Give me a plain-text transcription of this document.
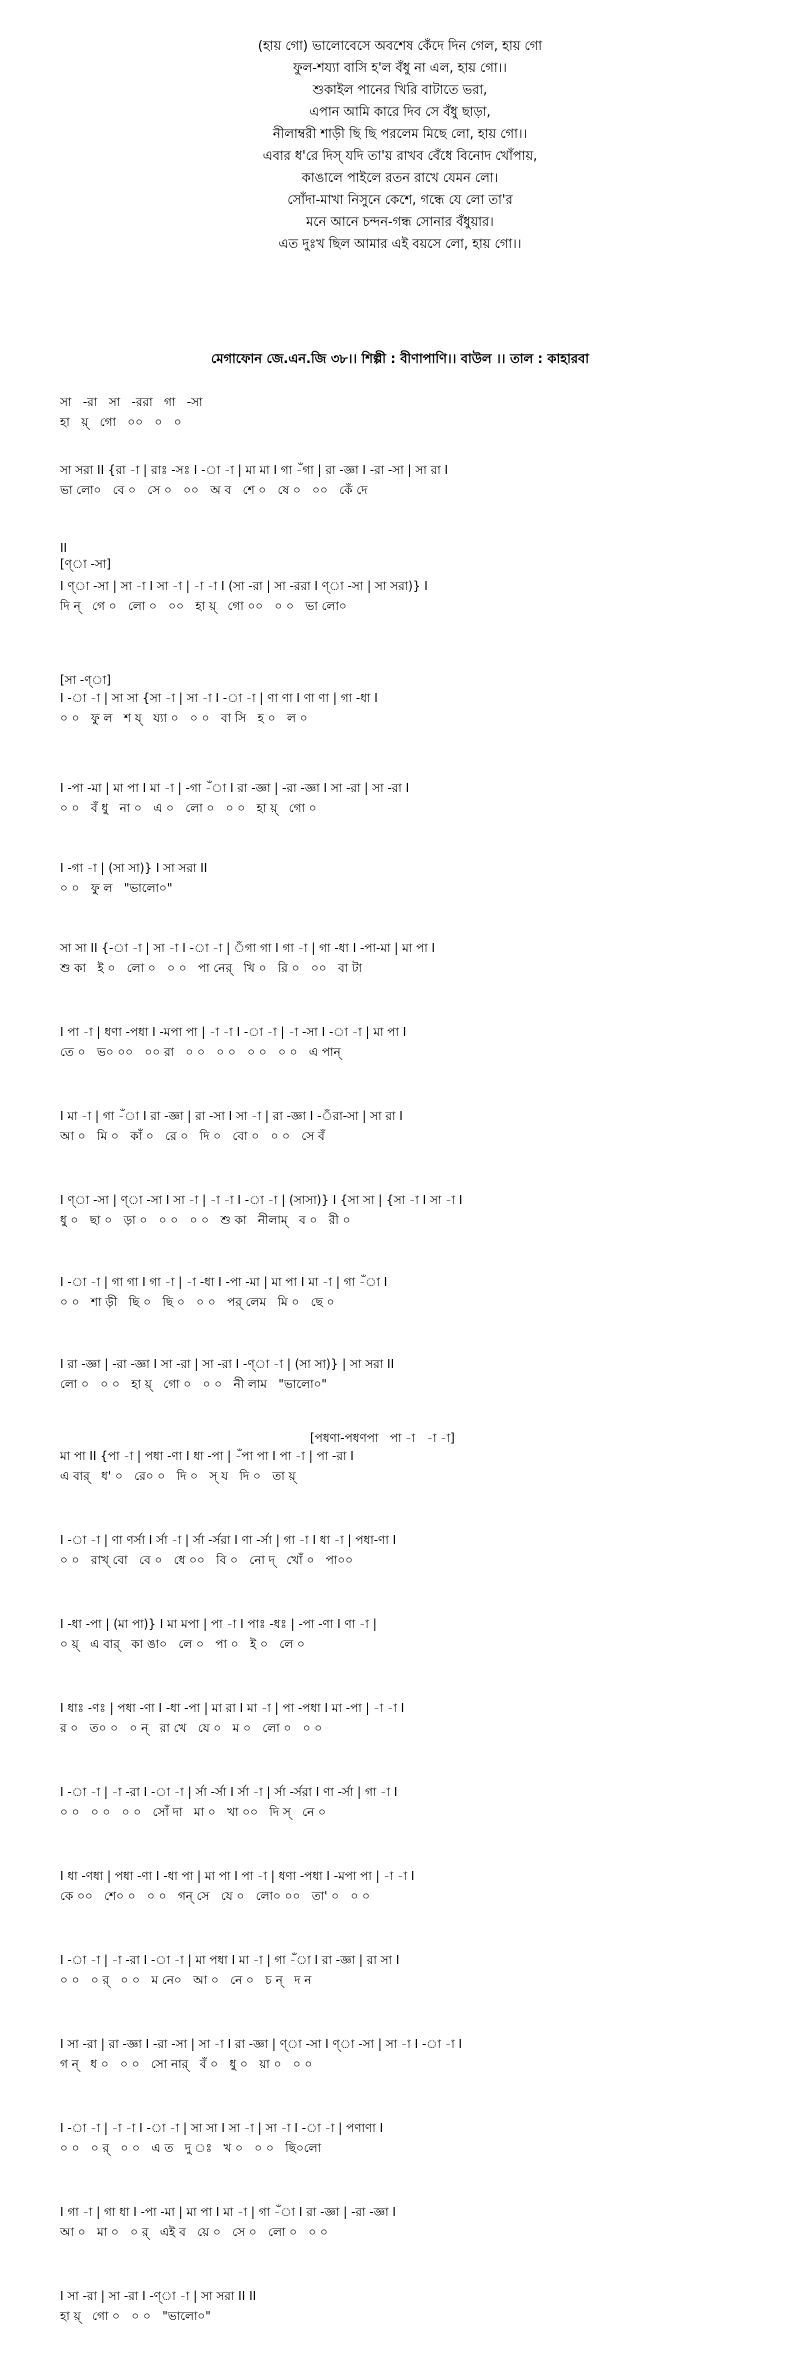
(হায় গো) ভালোবেসে অবশেষ কেঁদে দিন গেল, হায় গো
ফুল-শয্যা বাসি হ'ল বঁধু না এল, হায় গো।।
শুকাইল পানের খিরি বাটাতে ভরা,
এপান আমি কারে দিব সে বঁধু ছাড়া,
নীলাম্বরী শাড়ী ছি ছি পরলেম মিছে লো, হায় গো।।
এবার ধ'রে দিস্ যদি তা'য় রাখব বেঁধে বিনোদ খোঁপায়,
কাঙালে পাইলে রতন রাখে যেমন লো।
সোঁদা-মাখা নিসুনে কেশে, গন্ধে যে লো তা'র
মনে আনে চন্দন-গন্ধ সোনার বঁধুয়ার।
এত দুঃখ ছিল আমার এই বয়সে লো, হায় গো।।
মেগাফোন জে.এন.জি ৩৮।। শিল্পী : বীণাপাণি।। বাউল ।। তাল : কাহারবা
সা   -রা   সা   -ররা   গা   -সা
হা   য়্   গো   ০০   ০   ০
সা সরা II {রা -া | রাঃ -সঃ I -া -া | মা মা I গা -ঁগা | রা -জ্ঞা I -রা -সা | সা রা I
ভা লো০   বে ০   সে ০   ০০   অ ব   শে ০   ষে ০   ০০   কেঁ দে
II
[ণ্‌া -সা]
I ণ্‌া -সা | সা -া I সা -া | -া -া I (সা -রা | সা -ররা I ণ্‌া -সা | সা সরা)} I
দি ন্   গে ০   লো ০   ০০   হা য়্   গো ০০   ০ ০   ভা লো০
[সা -ণ্‌া]
I -া -া | সা সা {সা -া | সা -া I -া -া | ণা ণা I ণা ণা | গা -ধা I
০ ০   ফু ল   শ য্   য্যা ০   ০ ০   বা সি   হ ০   ল ০
I -পা -মা | মা পা I মা -া | -গা -ঁা I রা -জ্ঞা | -রা -জ্ঞা I সা -রা | সা -রা I
০ ০   বঁ ধু   না ০   এ ০   লো ০   ০ ০   হা য়্   গো ০
I -গা -া | (সা সা)} I সা সরা II
০ ০   ফু ল   "ভালো০"
সা সা II {-া -া | সা -া I -া -া | ঁগা গা I গা -া | গা -ধা I -পা-মা | মা পা I
শু কা   ই ০   লো ০   ০ ০   পা নের্   খি ০   রি ০   ০০   বা টা
I পা -া | ধণা -পধা I -মপা পা | -া -া I -া -া | -া -সা I -া -া | মা পা I
তে ০   ভ০ ০০   ০০ রা   ০ ০   ০ ০   ০ ০   ০ ০   এ পান্
I মা -া | গা -ঁা I রা -জ্ঞা | রা -সা I সা -া | রা -জ্ঞা I -ঁরা-সা | সা রা I
আ ০   মি ০   কাঁ ০   রে ০   দি ০   বো ০   ০ ০   সে বঁ
I ণ্‌া -সা | ণ্‌া -সা I সা -া | -া -া I -া -া | (সাসা)} I {সা সা | {সা -া I সা -া I
ধু ০   ছা ০   ড়া ০   ০ ০   ০ ০   শু কা   নীলাম্   ব ০   রী ০
I -া -া | গা গা I গা -া | -া -ধা I -পা -মা | মা পা I মা -া | গা -ঁা I
০ ০   শা ড়ী   ছি ০   ছি ০   ০ ০   পর্ লেম   মি ০   ছে ০
I রা -জ্ঞা | -রা -জ্ঞা I সা -রা | সা -রা I -ণ্‌া -া | (সা সা)} | সা সরা II
লো ০   ০ ০   হা য়্   গো ০   ০ ০   নী লাম   "ভালো০"
[পধণা-পধণপা   পা -া   -া -া]
মা পা II {পা -া | পধা -ণা I ধা -পা | -ঁপা পা I পা -া | পা -রা I
এ বার্   ধ' ০   রে০ ০   দি ০   স্ য   দি ০   তা য়্
I -া -া | ণা ণর্সা I র্সা -া | র্সা -র্সরা I ণা -র্সা | গা -া I ধা -া | পধা-ণা I
০ ০   রাখ্ বো   বে ০   ধে ০০   বি ০   নো দ্   খোঁ ০   পা০০
I -ধা -পা | (মা পা)} I মা মপা | পা -া I পাঃ -ধঃ | -পা -ণা I ণা -া |
০ য়্   এ বার্   কা ঙা০   লে ০   পা ০   ই ০   লে ০
I ধাঃ -ণঃ | পধা -ণা I -ধা -পা | মা রা I মা -া | পা -পধা I মা -পা | -া -া I
র ০   ত০ ০   ০ ন্   রা খে   যে ০   ম ০   লো ০   ০ ০
I -া -া | -া -রা I -া -া | র্সা -র্সা I র্সা -া | র্সা -র্সরা I ণা -র্সা | গা -া I
০ ০   ০ ০   ০ ০   সোঁ দা   মা ০   খা ০০   দি স্   নে ০
I ধা -ণধা | পধা -ণা I -ধা পা | মা পা I পা -া | ধণা -পধা I -মপা পা | -া -া I
কে ০০   শে০ ০   ০ ০   গন্ সে   যে ০   লো০ ০০   তা' ০   ০ ০
I -া -া | -া -রা I -া -া | মা পধা I মা -া | গা -ঁা I রা -জ্ঞা | রা সা I
০ ০   ০ র্   ০ ০   ম নে০   আ ০   নে ০   চ ন্   দ ন
I সা -রা | রা -জ্ঞা I -রা -সা | সা -া I রা -জ্ঞা | ণ্‌া -সা I ণ্‌া -সা | সা -া I -া -া I
গ ন্   ধ ০   ০ ০   সো নার্   বঁ ০   ধু ০   য়া ০   ০ ০
I -া -া | -া -া I -া -া | সা সা I সা -া | সা -া I -া -া | পণাণা I
০ ০   ০ র্   ০ ০   এ ত   দু ঃ   খ ০   ০ ০   ছি০লো
I গা -া | গা ধা I -পা -মা | মা পা I মা -া | গা -ঁা I রা -জ্ঞা | -রা -জ্ঞা I
আ ০   মা ০   ০ র্   এই ব   য়ে ০   সে ০   লো ০   ০ ০
I সা -রা | সা -রা I -ণ্‌া -া | সা সরা II II
হা য়্   গো ০   ০ ০   "ভালো০"
